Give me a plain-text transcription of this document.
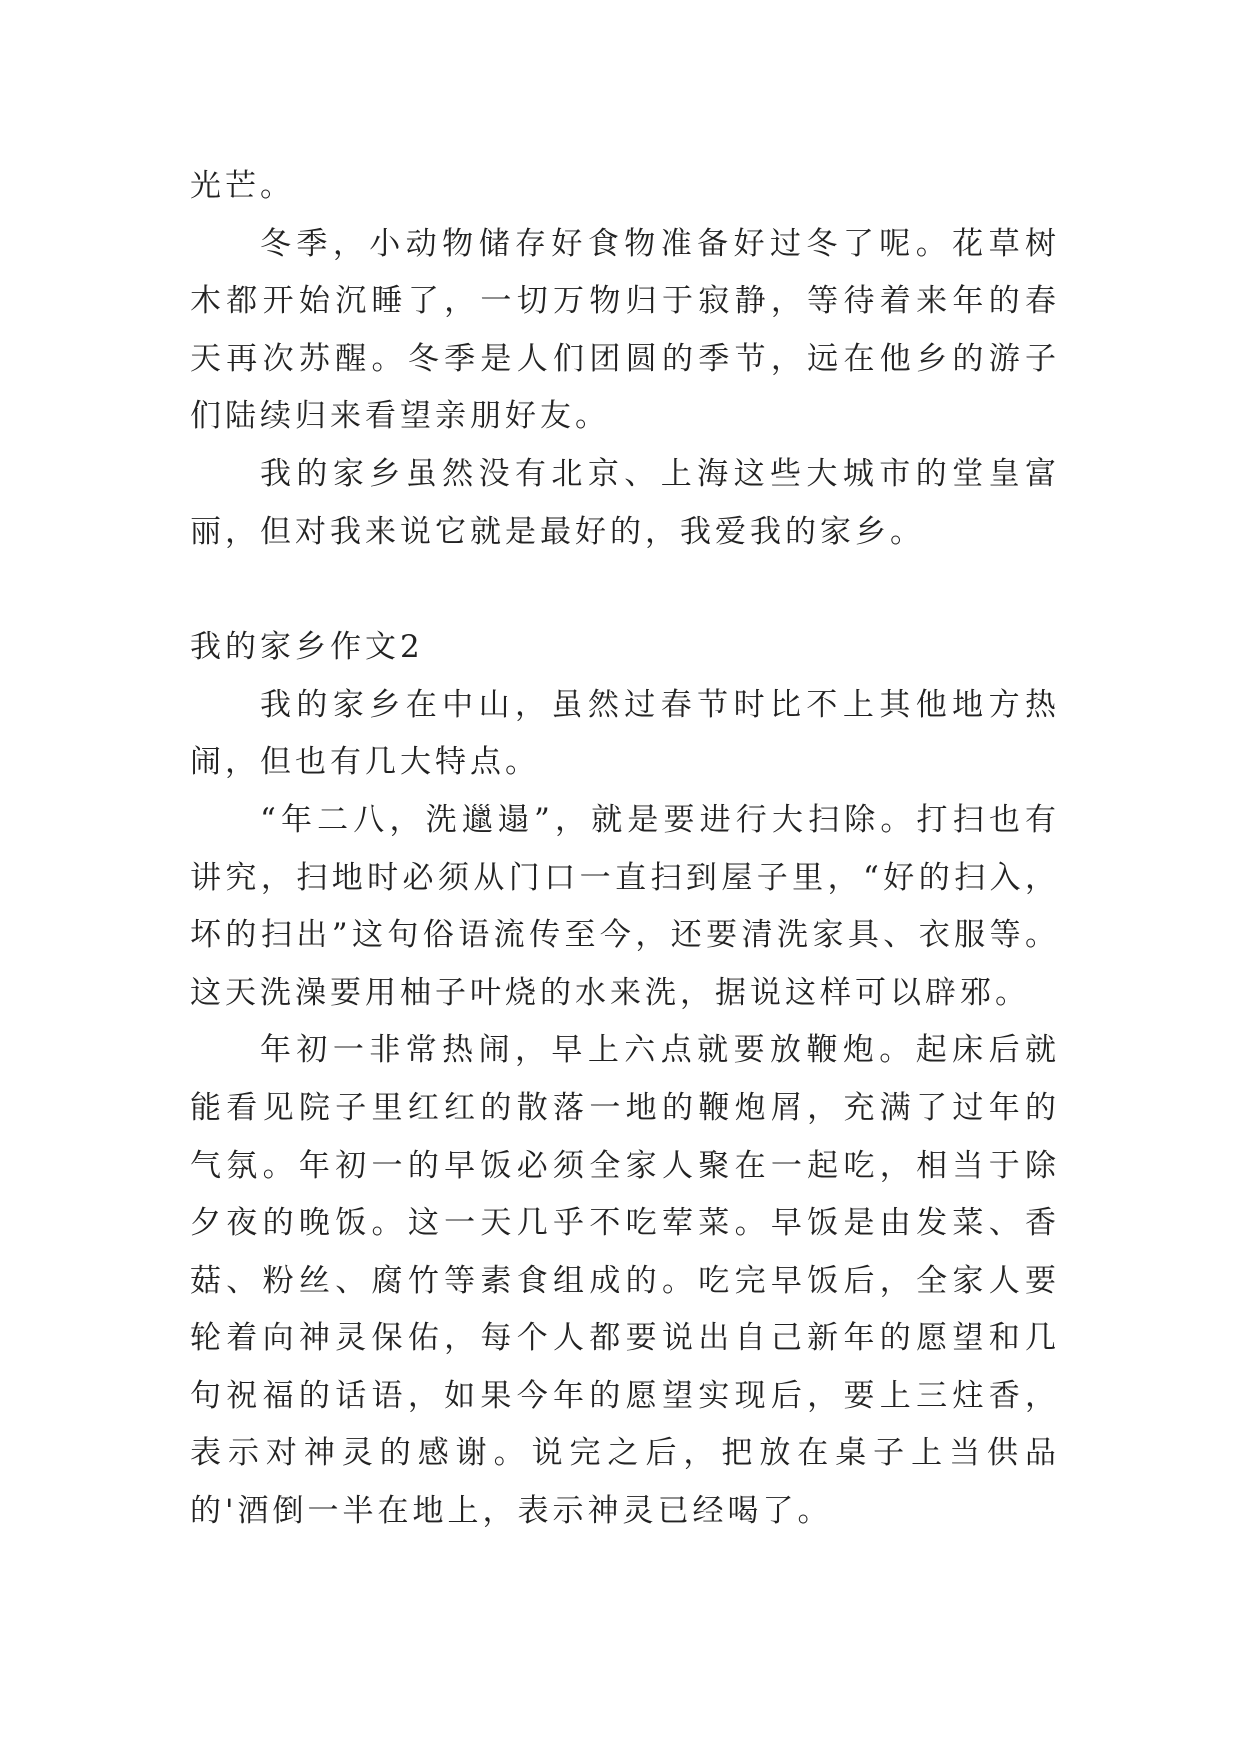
光芒。

冬季，小动物储存好食物准备好过冬了呢。花草树木都开始沉睡了，一切万物归于寂静，等待着来年的春天再次苏醒。冬季是人们团圆的季节，远在他乡的游子们陆续归来看望亲朋好友。

我的家乡虽然没有北京、上海这些大城市的堂皇富丽，但对我来说它就是最好的，我爱我的家乡。

我的家乡作文2

我的家乡在中山，虽然过春节时比不上其他地方热闹，但也有几大特点。

“年二八，洗邋遢”，就是要进行大扫除。打扫也有讲究，扫地时必须从门口一直扫到屋子里，“好的扫入，坏的扫出”这句俗语流传至今，还要清洗家具、衣服等。这天洗澡要用柚子叶烧的水来洗，据说这样可以辟邪。

年初一非常热闹，早上六点就要放鞭炮。起床后就能看见院子里红红的散落一地的鞭炮屑，充满了过年的气氛。年初一的早饭必须全家人聚在一起吃，相当于除夕夜的晚饭。这一天几乎不吃荤菜。早饭是由发菜、香菇、粉丝、腐竹等素食组成的。吃完早饭后，全家人要轮着向神灵保佑，每个人都要说出自己新年的愿望和几句祝福的话语，如果今年的愿望实现后，要上三炷香，表示对神灵的感谢。说完之后，把放在桌子上当供品的'酒倒一半在地上，表示神灵已经喝了。
